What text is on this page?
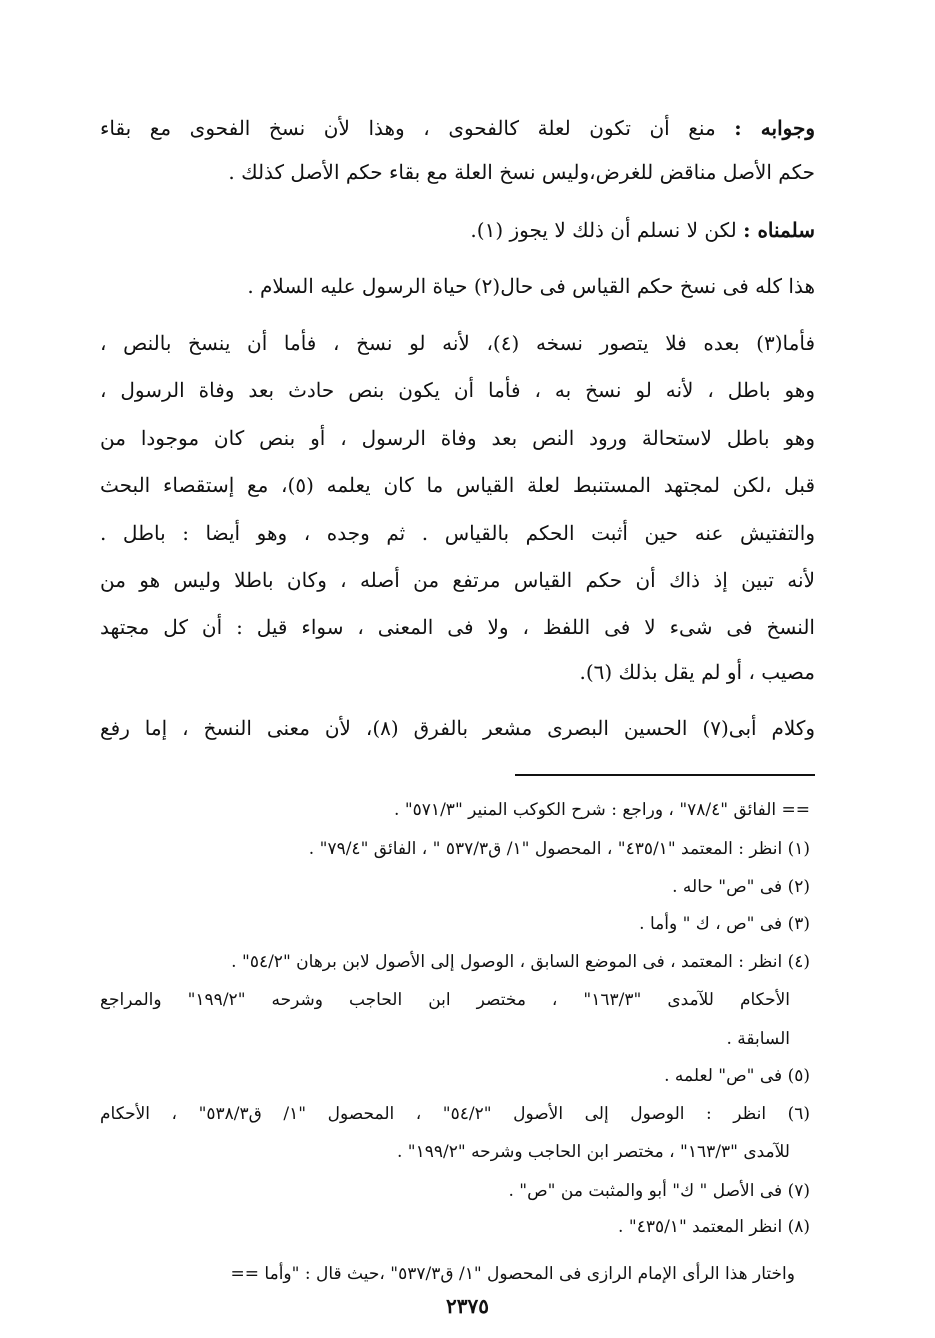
وجوابه : منع أن تكون لعلة كالفحوى ، وهذا لأن نسخ الفحوى مع بقاء
حكم الأصل مناقض للغرض،وليس نسخ العلة مع بقاء حكم الأصل كذلك .
سلمناه : لكن لا نسلم أن ذلك لا يجوز (١).
هذا كله فى نسخ حكم القياس فى حال(٢) حياة الرسول عليه السلام .
فأما(٣) بعده فلا يتصور نسخه (٤)، لأنه لو نسخ ، فأما أن ينسخ بالنص ،
وهو باطل ، لأنه لو نسخ به ، فأما أن يكون بنص حادث بعد وفاة الرسول ،
وهو باطل لاستحالة ورود النص بعد وفاة الرسول ، أو بنص كان موجودا من
قبل ،لكن لمجتهد المستنبط لعلة القياس ما كان يعلمه (٥)، مع إستقصاء البحث
والتفتيش عنه حين أثبت الحكم بالقياس . ثم وجده ، وهو أيضا : باطل .
لأنه تبين إذ ذاك أن حكم القياس مرتفع من أصله ، وكان باطلا وليس هو من
النسخ فى شىء لا فى اللفظ ، ولا فى المعنى ، سواء قيل : أن كل مجتهد
مصيب ، أو لم يقل بذلك (٦).
وكلام أبى(٧) الحسين البصرى مشعر بالفرق (٨)، لأن معنى النسخ ، إما رفع
== الفائق "٧٨/٤" ، وراجع : شرح الكوكب المنير "٥٧١/٣" .
(١) انظر : المعتمد "٤٣٥/١" ، المحصول "١/ ق٥٣٧/٣ " ، الفائق "٧٩/٤" .
(٢) فى "ص" حاله .
(٣) فى "ص ، ك " وأما .
(٤) انظر : المعتمد ، فى الموضع السابق ، الوصول إلى الأصول لابن برهان "٥٤/٢" .
الأحكام للآمدى "١٦٣/٣" ، مختصر ابن الحاجب وشرحه "١٩٩/٢" والمراجع
السابقة .
(٥) فى "ص" لعلمه .
(٦) انظر : الوصول إلى الأصول "٥٤/٢" ، المحصول "١/ ق٥٣٨/٣" ، الأحكام
للآمدى "١٦٣/٣" ، مختصر ابن الحاجب وشرحه "١٩٩/٢" .
(٧) فى الأصل " ك" أبو والمثبت من "ص" .
(٨) انظر المعتمد "٤٣٥/١" .
واختار هذا الرأى الإمام الرازى فى المحصول "١/ ق٥٣٧/٣" ،حيث قال : "وأما ==
٢٣٧٥
